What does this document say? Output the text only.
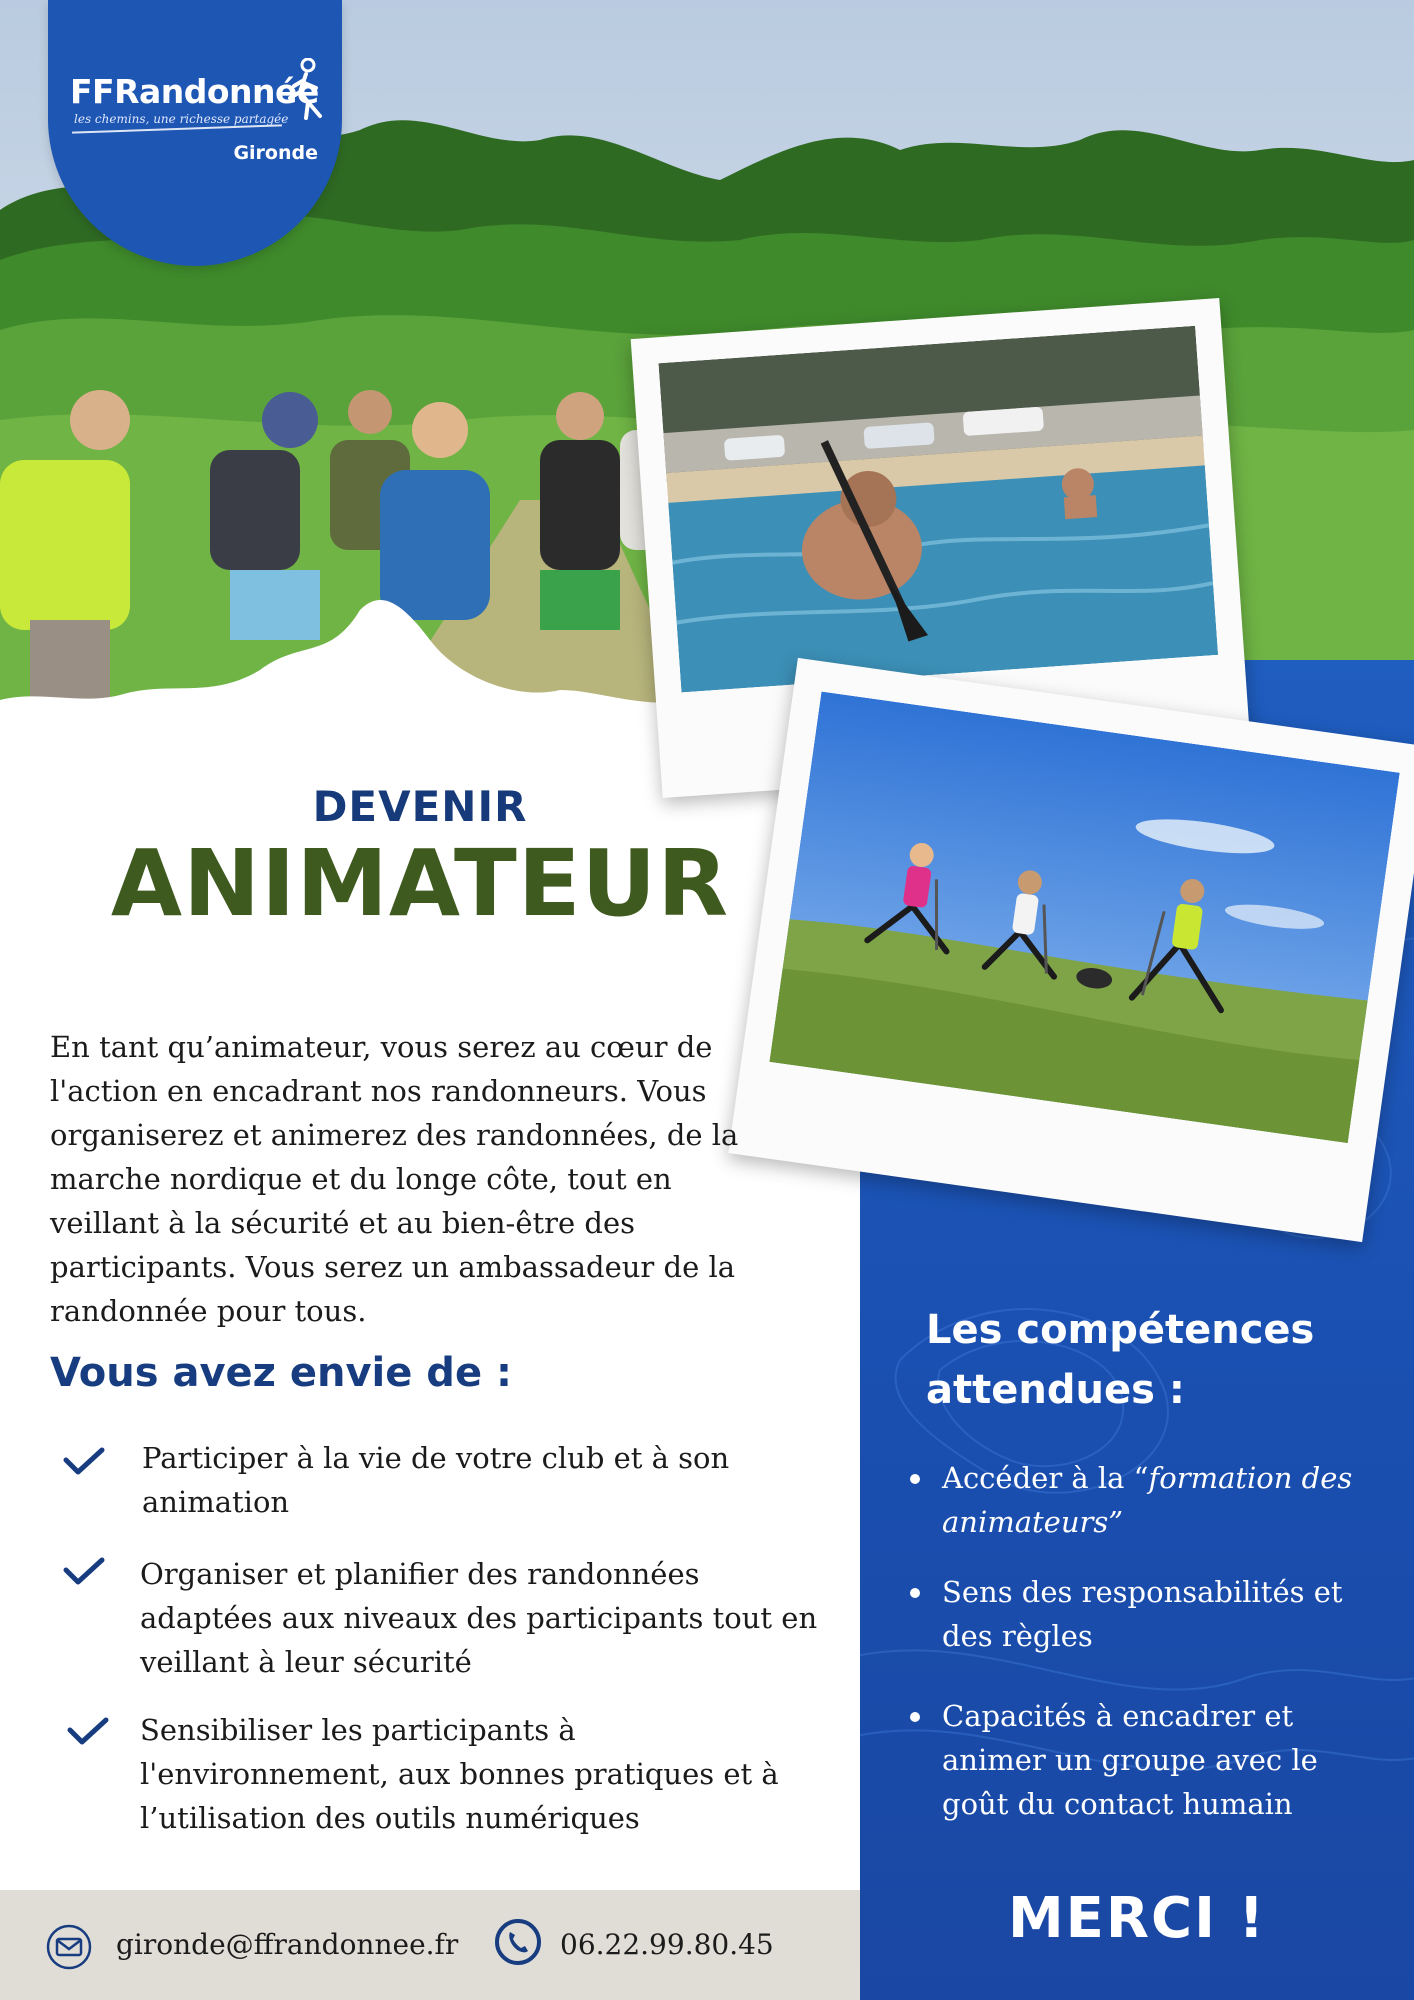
FFRandonnée
les chemins, une richesse partagée
Gironde
DEVENIR
ANIMATEUR

En tant qu’animateur, vous serez au cœur de l'action en encadrant nos randonneurs. Vous organiserez et animerez des randonnées, de la marche nordique et du longe côte, tout en veillant à la sécurité et au bien-être des participants. Vous serez un ambassadeur de la randonnée pour tous.

Vous avez envie de :
Participer à la vie de votre club et à son animation
Organiser et planifier des randonnées adaptées aux niveaux des participants tout en veillant à leur sécurité
Sensibiliser les participants à l'environnement, aux bonnes pratiques et à l’utilisation des outils numériques
Les compétences attendues :
Accéder à la “formation des animateurs”
Sens des responsabilités et des règles
Capacités à encadrer et animer un groupe avec le goût du contact humain
MERCI !
gironde@ffrandonnee.fr	06.22.99.80.45
